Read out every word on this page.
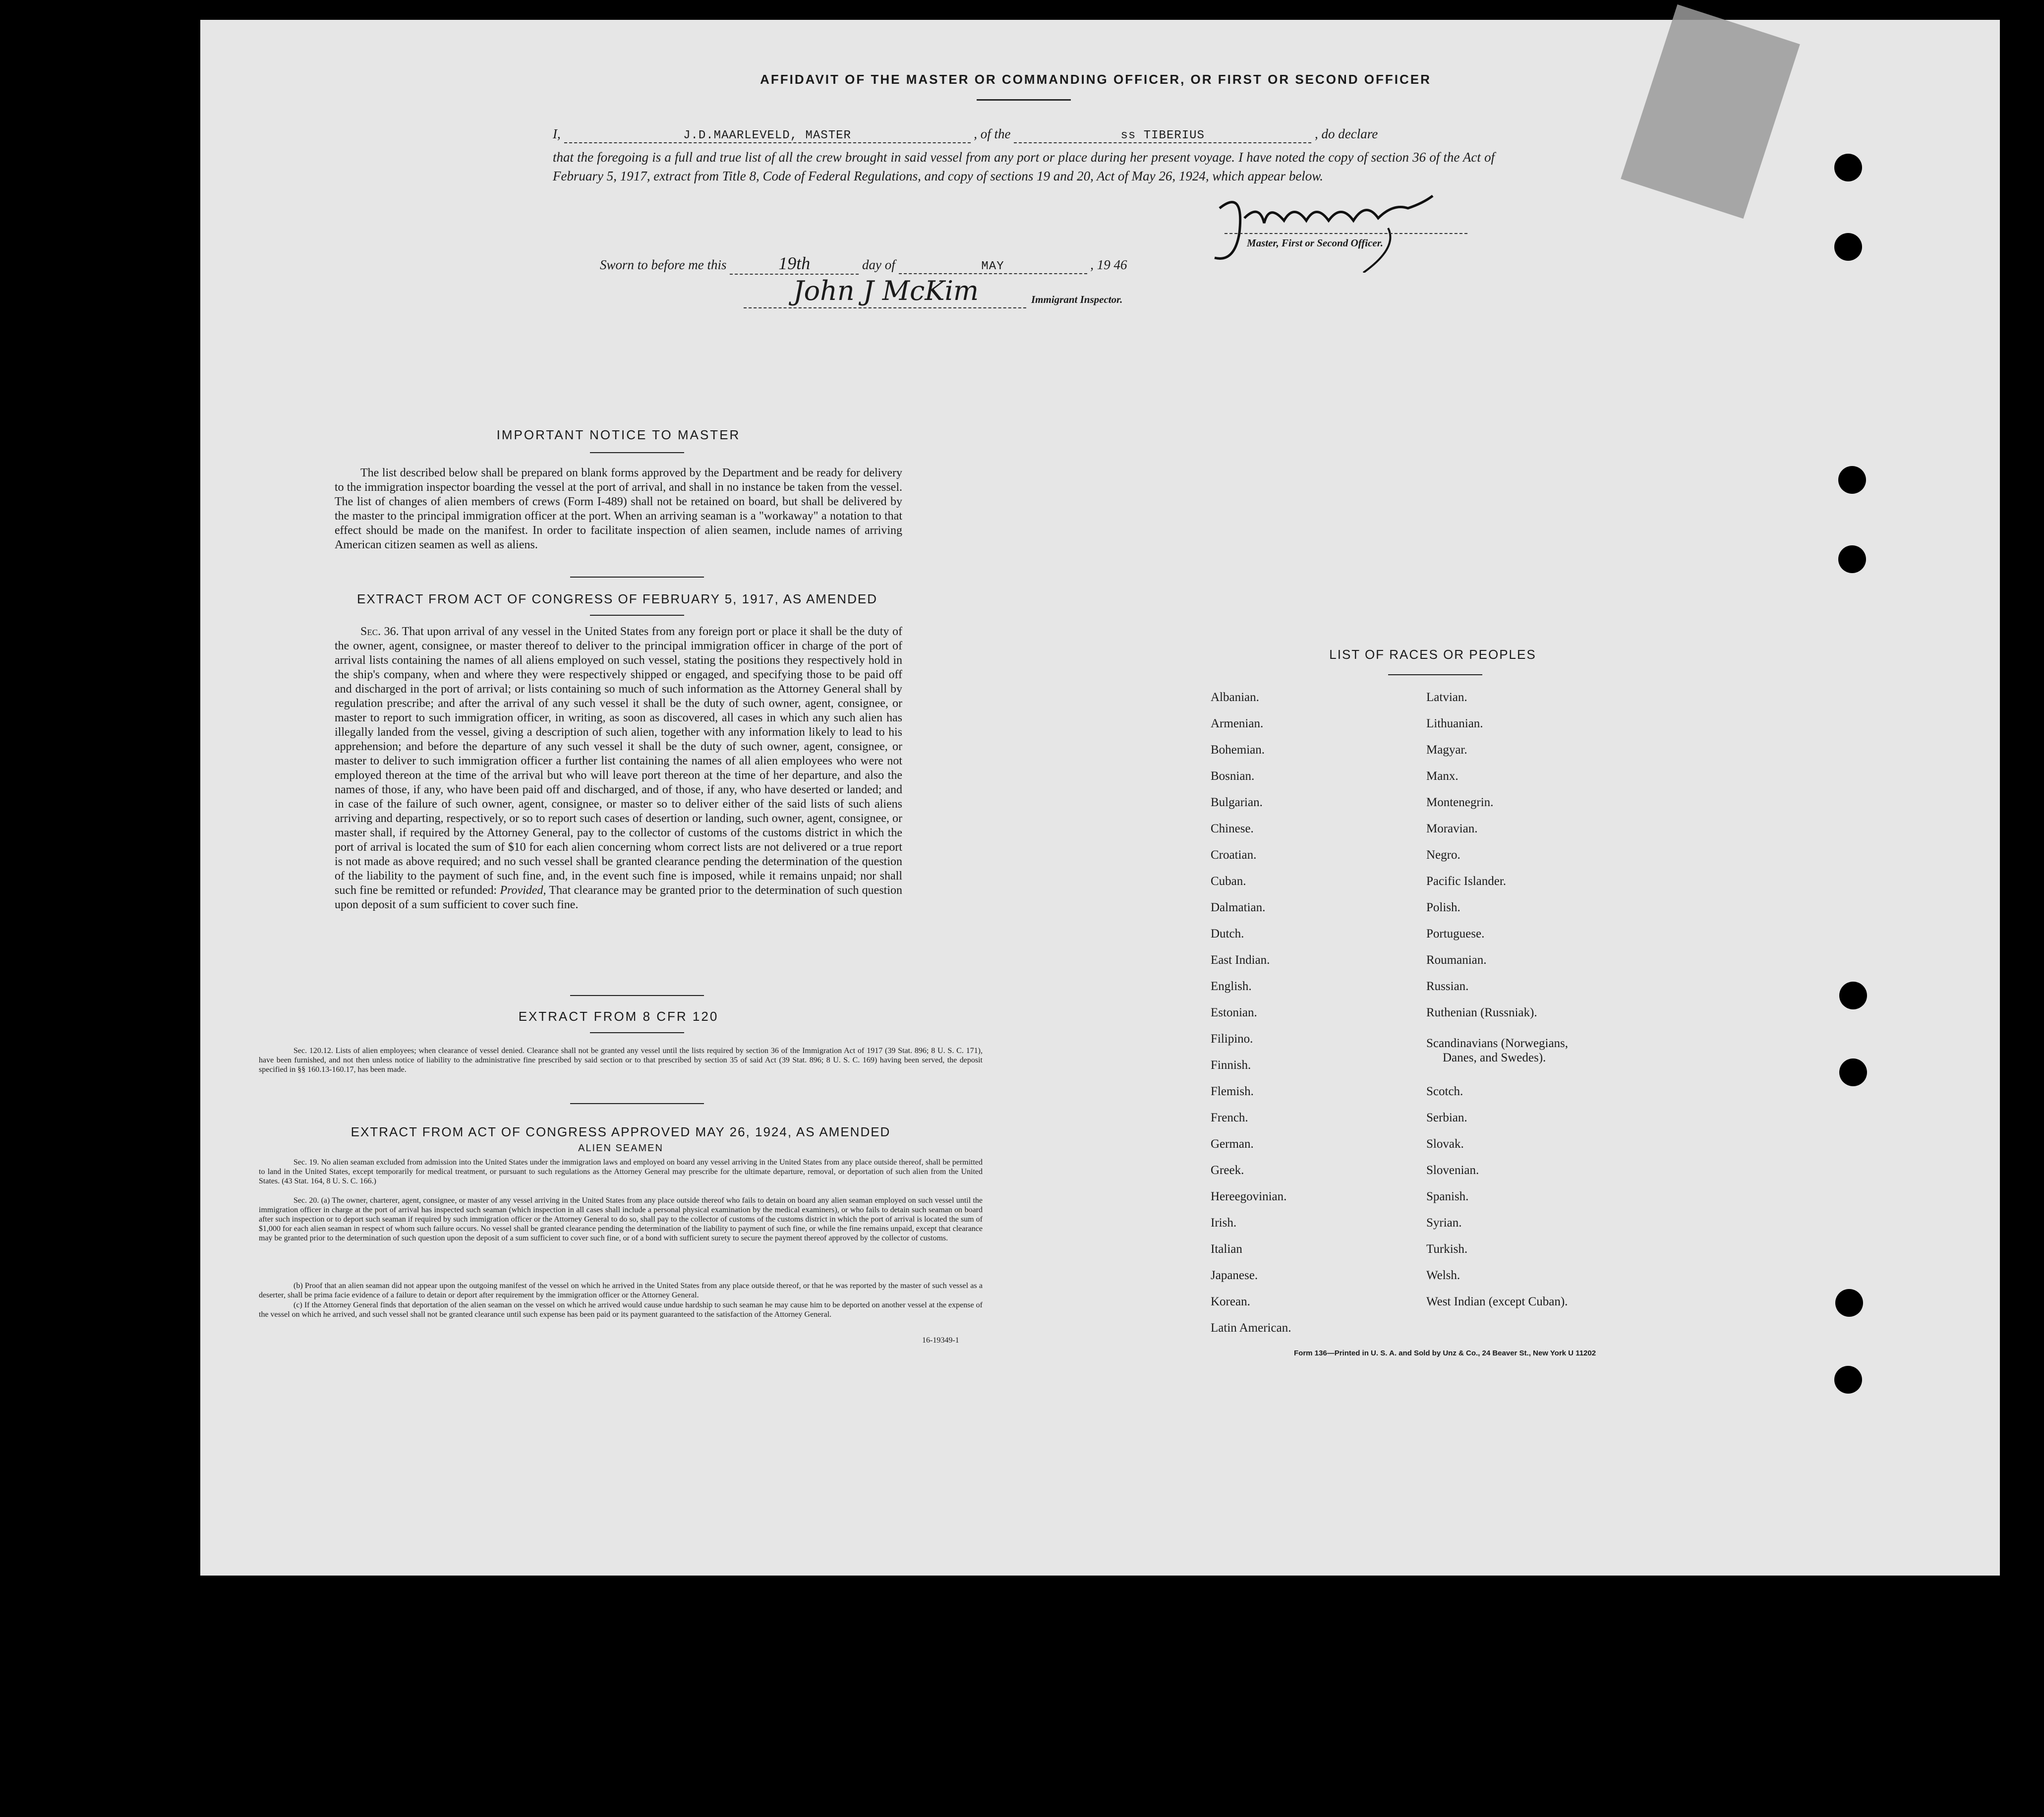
AFFIDAVIT OF THE MASTER OR COMMANDING OFFICER, OR FIRST OR SECOND OFFICER
I,	J.D.MAARLEVELD, MASTER	, of the	ss TIBERIUS	, do declare
that the foregoing is a full and true list of all the crew brought in said vessel from any port or place during her present voyage. I have noted the copy of section 36 of the Act of February 5, 1917, extract from Title 8, Code of Federal Regulations, and copy of sections 19 and 20, Act of May 26, 1924, which appear below.
Master, First or Second Officer.
Sworn to before me this	19th	day of	MAY	, 19 46
John J McKim	Immigrant Inspector.
IMPORTANT NOTICE TO MASTER
The list described below shall be prepared on blank forms approved by the Department and be ready for delivery to the immigration inspector boarding the vessel at the port of arrival, and shall in no instance be taken from the vessel. The list of changes of alien members of crews (Form I-489) shall not be retained on board, but shall be delivered by the master to the principal immigration officer at the port. When an arriving seaman is a "workaway" a notation to that effect should be made on the manifest. In order to facilitate inspection of alien seamen, include names of arriving American citizen seamen as well as aliens.
EXTRACT FROM ACT OF CONGRESS OF FEBRUARY 5, 1917, AS AMENDED
Sec. 36. That upon arrival of any vessel in the United States from any foreign port or place it shall be the duty of the owner, agent, consignee, or master thereof to deliver to the principal immigration officer in charge of the port of arrival lists containing the names of all aliens employed on such vessel, stating the positions they respectively hold in the ship's company, when and where they were respectively shipped or engaged, and specifying those to be paid off and discharged in the port of arrival; or lists containing so much of such information as the Attorney General shall by regulation prescribe; and after the arrival of any such vessel it shall be the duty of such owner, agent, consignee, or master to report to such immigration officer, in writing, as soon as discovered, all cases in which any such alien has illegally landed from the vessel, giving a description of such alien, together with any information likely to lead to his apprehension; and before the departure of any such vessel it shall be the duty of such owner, agent, consignee, or master to deliver to such immigration officer a further list containing the names of all alien employees who were not employed thereon at the time of the arrival but who will leave port thereon at the time of her departure, and also the names of those, if any, who have been paid off and discharged, and of those, if any, who have deserted or landed; and in case of the failure of such owner, agent, consignee, or master so to deliver either of the said lists of such aliens arriving and departing, respectively, or so to report such cases of desertion or landing, such owner, agent, consignee, or master shall, if required by the Attorney General, pay to the collector of customs of the customs district in which the port of arrival is located the sum of $10 for each alien concerning whom correct lists are not delivered or a true report is not made as above required; and no such vessel shall be granted clearance pending the determination of the question of the liability to the payment of such fine, and, in the event such fine is imposed, while it remains unpaid; nor shall such fine be remitted or refunded: Provided, That clearance may be granted prior to the determination of such question upon deposit of a sum sufficient to cover such fine.
EXTRACT FROM 8 CFR 120
Sec. 120.12. Lists of alien employees; when clearance of vessel denied. Clearance shall not be granted any vessel until the lists required by section 36 of the Immigration Act of 1917 (39 Stat. 896; 8 U. S. C. 171), have been furnished, and not then unless notice of liability to the administrative fine prescribed by said section or to that prescribed by section 35 of said Act (39 Stat. 896; 8 U. S. C. 169) having been served, the deposit specified in §§ 160.13-160.17, has been made.
EXTRACT FROM ACT OF CONGRESS APPROVED MAY 26, 1924, AS AMENDED
ALIEN SEAMEN
Sec. 19. No alien seaman excluded from admission into the United States under the immigration laws and employed on board any vessel arriving in the United States from any place outside thereof, shall be permitted to land in the United States, except temporarily for medical treatment, or pursuant to such regulations as the Attorney General may prescribe for the ultimate departure, removal, or deportation of such alien from the United States. (43 Stat. 164, 8 U. S. C. 166.)
Sec. 20. (a) The owner, charterer, agent, consignee, or master of any vessel arriving in the United States from any place outside thereof who fails to detain on board any alien seaman employed on such vessel until the immigration officer in charge at the port of arrival has inspected such seaman (which inspection in all cases shall include a personal physical examination by the medical examiners), or who fails to detain such seaman on board after such inspection or to deport such seaman if required by such immigration officer or the Attorney General to do so, shall pay to the collector of customs of the customs district in which the port of arrival is located the sum of $1,000 for each alien seaman in respect of whom such failure occurs. No vessel shall be granted clearance pending the determination of the liability to payment of such fine, or while the fine remains unpaid, except that clearance may be granted prior to the determination of such question upon the deposit of a sum sufficient to cover such fine, or of a bond with sufficient surety to secure the payment thereof approved by the collector of customs.
(b) Proof that an alien seaman did not appear upon the outgoing manifest of the vessel on which he arrived in the United States from any place outside thereof, or that he was reported by the master of such vessel as a deserter, shall be prima facie evidence of a failure to detain or deport after requirement by the immigration officer or the Attorney General.
(c) If the Attorney General finds that deportation of the alien seaman on the vessel on which he arrived would cause undue hardship to such seaman he may cause him to be deported on another vessel at the expense of the vessel on which he arrived, and such vessel shall not be granted clearance until such expense has been paid or its payment guaranteed to the satisfaction of the Attorney General.
16-19349-1
LIST OF RACES OR PEOPLES
Albanian.
Armenian.
Bohemian.
Bosnian.
Bulgarian.
Chinese.
Croatian.
Cuban.
Dalmatian.
Dutch.
East Indian.
English.
Estonian.
Filipino.
Finnish.
Flemish.
French.
German.
Greek.
Hereegovinian.
Irish.
Italian
Japanese.
Korean.
Latin American.
Latvian.
Lithuanian.
Magyar.
Manx.
Montenegrin.
Moravian.
Negro.
Pacific Islander.
Polish.
Portuguese.
Roumanian.
Russian.
Ruthenian (Russniak).
Scandinavians (Norwegians,
Danes, and Swedes).
Scotch.
Serbian.
Slovak.
Slovenian.
Spanish.
Syrian.
Turkish.
Welsh.
West Indian (except Cuban).
Form 136—Printed in U. S. A. and Sold by Unz & Co., 24 Beaver St., New York U 11202
